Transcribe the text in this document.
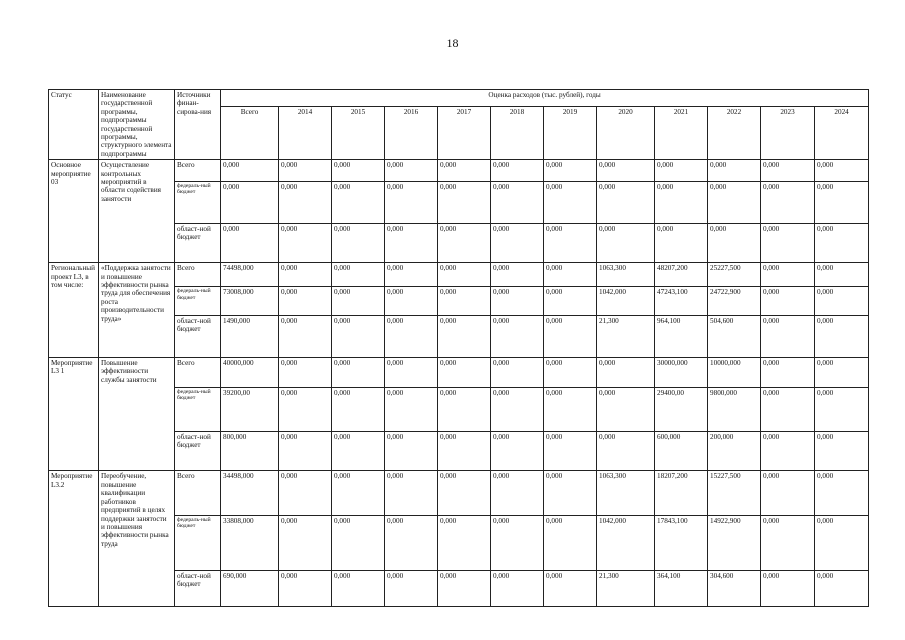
18
Статус	Наименование государственной программы, подпрограммы государственной программы, структурного элемента подпрограммы	Источники финан-сирова-ния	Оценка расходов (тыс. рублей), годы											
			Всего	2014	2015	2016	2017	2018	2019	2020	2021	2022	2023	2024
Основное мероприятие 03	Осуществление контрольных мероприятий в области содействия занятости	Всего	0,000	0,000	0,000	0,000	0,000	0,000	0,000	0,000	0,000	0,000	0,000	0,000
		федераль-ный бюджет	0,000	0,000	0,000	0,000	0,000	0,000	0,000	0,000	0,000	0,000	0,000	0,000
		област-ной бюджет	0,000	0,000	0,000	0,000	0,000	0,000	0,000	0,000	0,000	0,000	0,000	0,000
Региональный проект L3, в том числе:	«Поддержка занятости и повышение эффективности рынка труда для обеспечения роста производительности труда»	Всего	74498,000	0,000	0,000	0,000	0,000	0,000	0,000	1063,300	48207,200	25227,500	0,000	0,000
		федераль-ный бюджет	73008,000	0,000	0,000	0,000	0,000	0,000	0,000	1042,000	47243,100	24722,900	0,000	0,000
		област-ной бюджет	1490,000	0,000	0,000	0,000	0,000	0,000	0,000	21,300	964,100	504,600	0,000	0,000
Мероприятие L3 1	Повышение эффективности службы занятости	Всего	40000,000	0,000	0,000	0,000	0,000	0,000	0,000	0,000	30000,000	10000,000	0,000	0,000
		федераль-ный бюджет	39200,00	0,000	0,000	0,000	0,000	0,000	0,000	0,000	29400,00	9800,000	0,000	0,000
		област-ной бюджет	800,000	0,000	0,000	0,000	0,000	0,000	0,000	0,000	600,000	200,000	0,000	0,000
Мероприятие L3.2	Переобучение, повышение квалификации работников предприятий в целях поддержки занятости и повышения эффективности рынка труда	Всего	34498,000	0,000	0,000	0,000	0,000	0,000	0,000	1063,300	18207,200	15227,500	0,000	0,000
		федераль-ный бюджет	33808,000	0,000	0,000	0,000	0,000	0,000	0,000	1042,000	17843,100	14922,900	0,000	0,000
		област-ной бюджет	690,000	0,000	0,000	0,000	0,000	0,000	0,000	21,300	364,100	304,600	0,000	0,000
